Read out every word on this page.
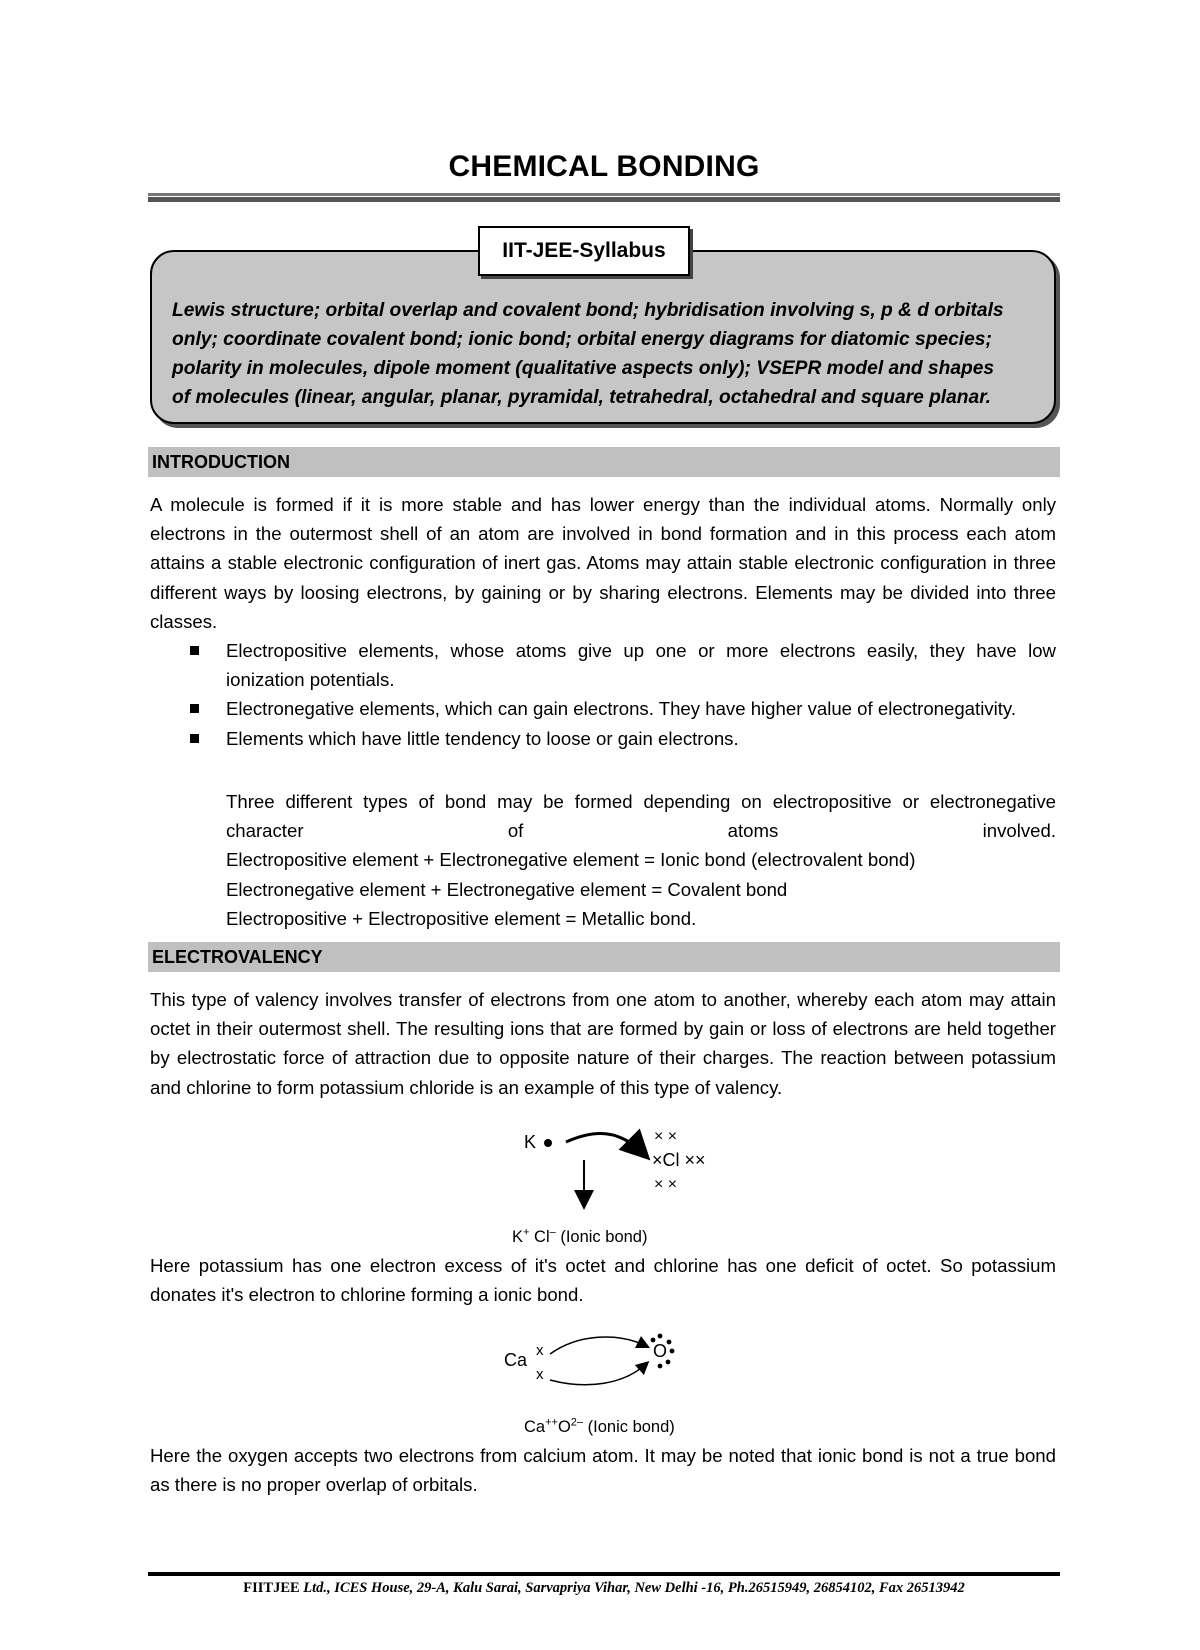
CHEMICAL BONDING
Lewis structure; orbital overlap and covalent bond; hybridisation involving s, p & d orbitals
only; coordinate covalent bond; ionic bond; orbital energy diagrams for diatomic species;
polarity in molecules, dipole moment (qualitative aspects only); VSEPR model and shapes
of molecules (linear, angular, planar, pyramidal, tetrahedral, octahedral and square planar.
IIT-JEE-Syllabus
INTRODUCTION
A molecule is formed if it is more stable and has lower energy than the individual atoms. Normally only electrons in the outermost shell of an atom are involved in bond formation and in this process each atom attains a stable electronic configuration of inert gas. Atoms may attain stable electronic configuration in three different ways by loosing electrons, by gaining or by sharing electrons. Elements may be divided into three classes.
Electropositive elements, whose atoms give up one or more electrons easily, they have low ionization potentials.
Electronegative elements, which can gain electrons. They have higher value of electronegativity.
Elements which have little tendency to loose or gain electrons.
Three different types of bond may be formed depending on electropositive or electronegative character of atoms involved.
Electropositive element + Electronegative element = Ionic bond (electrovalent bond)
Electronegative element + Electronegative element = Covalent bond
Electropositive + Electropositive element = Metallic bond.
ELECTROVALENCY
This type of valency involves transfer of electrons from one atom to another, whereby each atom may attain octet in their outermost shell. The resulting ions that are formed by gain or loss of electrons are held together by electrostatic force of attraction due to opposite nature of their charges. The reaction between potassium and chlorine to form potassium chloride is an example of this type of valency.
K	× ×
×Cl ××
× ×
K+ Cl– (Ionic bond)
Here potassium has one electron excess of it's octet and chlorine has one deficit of octet. So potassium donates it's electron to chlorine forming a ionic bond.
Ca x
x
O
$Ca^{++}O^{2-}$ (Ionic bond)
Here the oxygen accepts two electrons from calcium atom. It may be noted that ionic bond is not a true bond as there is no proper overlap of orbitals.
FIITJEE Ltd., ICES House, 29-A, Kalu Sarai, Sarvapriya Vihar, New Delhi -16, Ph.26515949, 26854102, Fax 26513942
